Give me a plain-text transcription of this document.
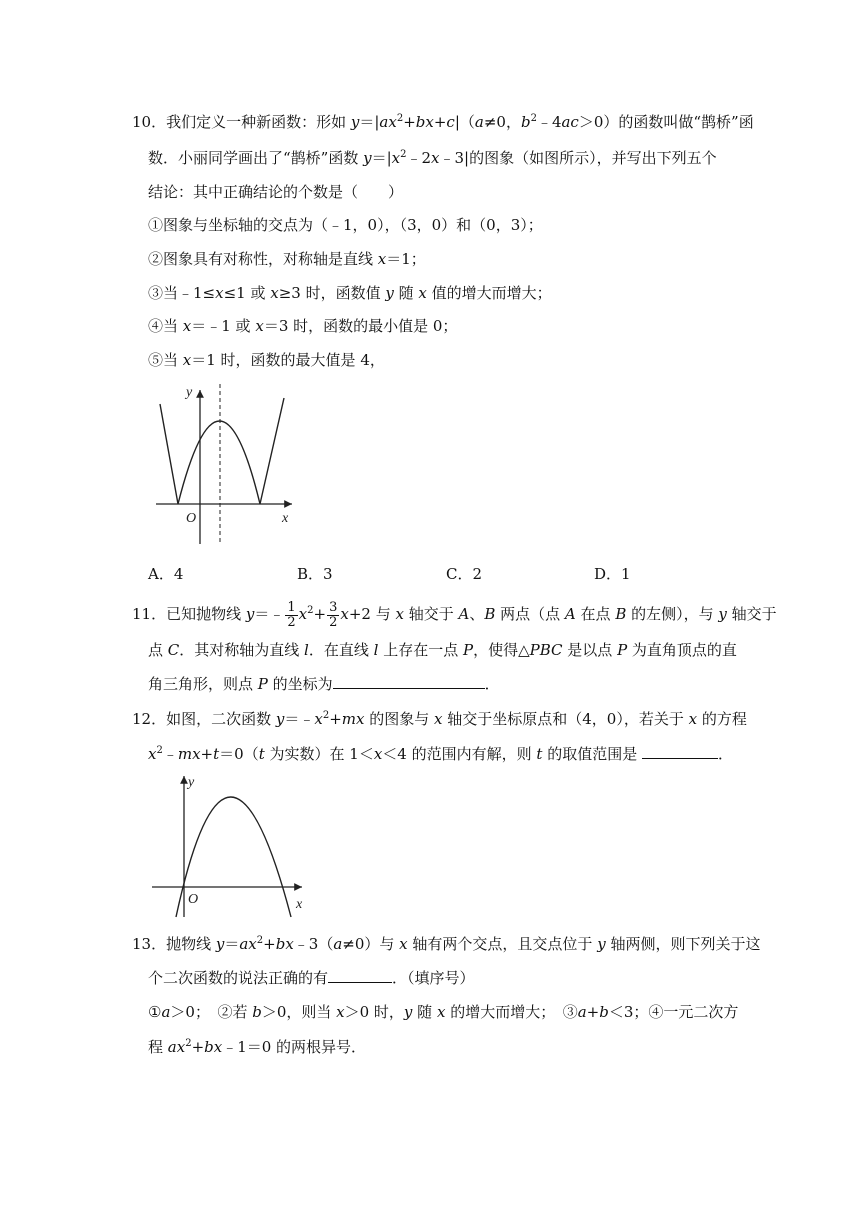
10．我们定义一种新函数：形如 $y=|ax^2+bx+c|(a\ne 0$，$b^2﹣4ac>0$）的函数叫做“鹊桥”函
数．小丽同学画出了“鹊桥”函数 $y=|x^2﹣2x﹣3|$的图象（如图所示），并写出下列五个
结论：其中正确结论的个数是（　　）
①图象与坐标轴的交点为（﹣1，0），（3，0）和（0，3）；
②图象具有对称性，对称轴是直线 x＝1；
③当﹣1≤x≤1 或 x≥3 时，函数值 y 随 x 值的增大而增大；
④当 x＝﹣1 或 x＝3 时，函数的最小值是 0；
⑤当 x＝1 时，函数的最大值是 4，
y
O	x
A．4	B．3	C．2	D．1
11．已知抛物线 y＝﹣ $\frac{1}{2} x^2+ \frac{3}{2} x+2$ 与 x 轴交于 A、B 两点（点 A 在点 B 的左侧），与 y 轴交于
点 C．其对称轴为直线 l．在直线 l 上存在一点 P，使得△PBC 是以点 P 为直角顶点的直
角三角形，则点 P 的坐标为	．
12．如图，二次函数 $y=﹣x^2+mx$ 的图象与 x 轴交于坐标原点和（4，0），若关于 x 的方程
$x^2﹣mx+t=0(t$ 为实数）在 1＜x＜4 的范围内有解，则 t 的取值范围是	．
y
O	x
13．抛物线 $y=ax^2+bx﹣3(a\ne 0)$与 x 轴有两个交点，且交点位于 y 轴两侧，则下列关于这
个二次函数的说法正确的有	．（填序号）
①a＞0；　②若 b＞0，则当 x＞0 时，y 随 x 的增大而增大；　③a+b＜3；④一元二次方
程 $ax^2+bx﹣1=0$ 的两根异号．
